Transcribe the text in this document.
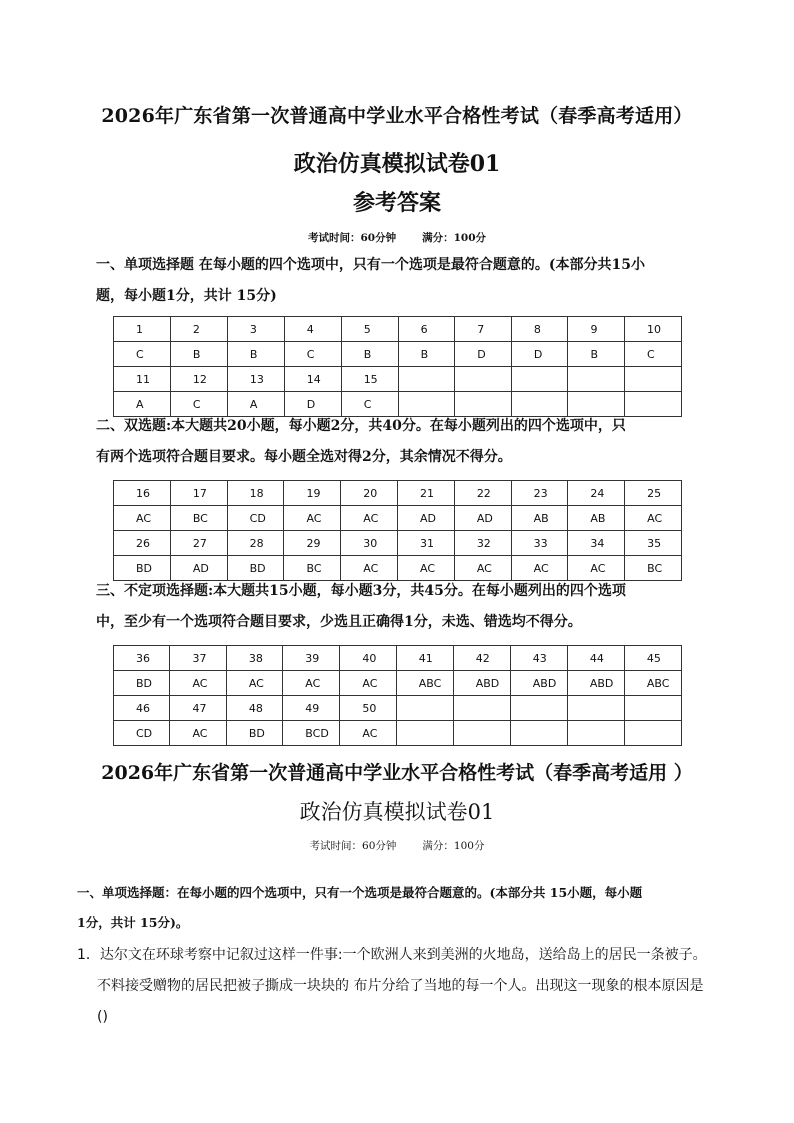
2026年广东省第一次普通高中学业水平合格性考试（春季高考适用）
政治仿真模拟试卷01
参考答案
考试时间：60分钟 满分：100分

一、单项选择题 在每小题的四个选项中，只有一个选项是最符合题意的。(本部分共15小

题，每小题1分，共计 15分)

1	2	3	4	5	6	7	8	9	10
C	B	B	C	B	B	D	D	B	C
11	12	13	14	15					
A	C	A	D	C					

二、双选题:本大题共20小题，每小题2分，共40分。在每小题列出的四个选项中，只

有两个选项符合题目要求。每小题全选对得2分，其余情况不得分。

16	17	18	19	20	21	22	23	24	25
AC	BC	CD	AC	AC	AD	AD	AB	AB	AC
26	27	28	29	30	31	32	33	34	35
BD	AD	BD	BC	AC	AC	AC	AC	AC	BC

三、不定项选择题:本大题共15小题，每小题3分，共45分。在每小题列出的四个选项

中，至少有一个选项符合题目要求，少选且正确得1分，未选、错选均不得分。

36	37	38	39	40	41	42	43	44	45
BD	AC	AC	AC	AC	ABC	ABD	ABD	ABD	ABC
46	47	48	49	50					
CD	AC	BD	BCD	AC					
2026年广东省第一次普通高中学业水平合格性考试（春季高考适用 ）
政治仿真模拟试卷01
考试时间：60分钟 满分：100分
一、单项选择题：在每小题的四个选项中，只有一个选项是最符合题意的。(本部分共 15小题，每小题
1分，共计 15分)。

1．达尔文在环球考察中记叙过这样一件事:一个欧洲人来到美洲的火地岛，送给岛上的居民一条被子。

不料接受赠物的居民把被子撕成一块块的 布片分给了当地的每一个人。出现这一现象的根本原因是

()
